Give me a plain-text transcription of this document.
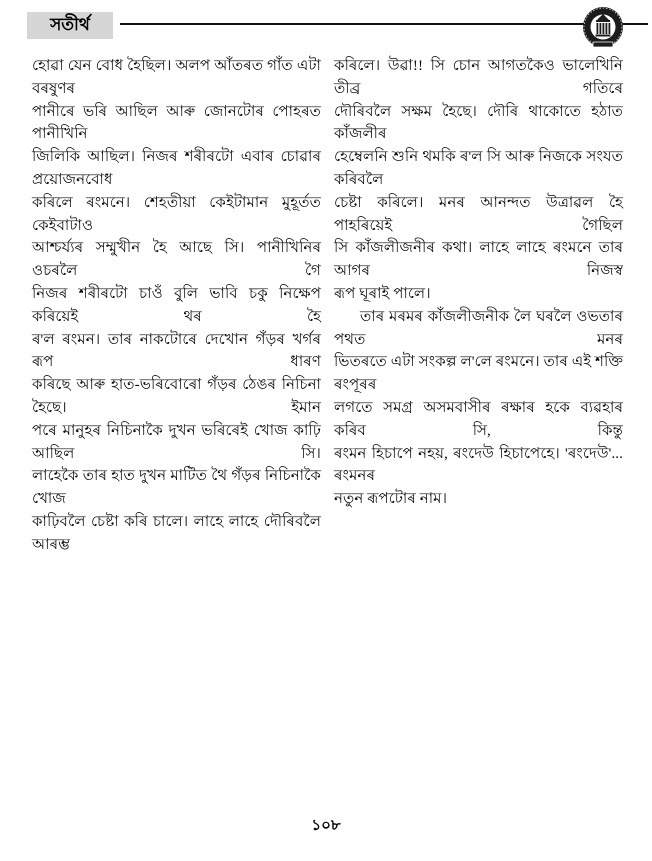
সতীৰ্থ
হোৱা যেন বোধ হৈছিল। অলপ আঁতৰত গাঁত এটা বৰষুণৰ
পানীৰে ভৰি আছিল আৰু জোনটোৰ পোহৰত পানীখিনি
জিলিকি আছিল। নিজৰ শৰীৰটো এবাৰ চোৱাৰ প্ৰয়োজনবোধ
কৰিলে ৰংমনে। শেহতীয়া কেইটামান মুহূৰ্তত কেইবাটাও
আশ্চৰ্য্যৰ সম্মুখীন হৈ আছে সি। পানীখিনিৰ ওচৰলৈ গৈ
নিজৰ শৰীৰটো চাওঁ বুলি ভাবি চকু নিক্ষেপ কৰিয়েই থৰ হৈ
ৰ'ল ৰংমন। তাৰ নাকটোৰে দেখোন গঁড়ৰ খৰ্গৰ ৰূপ ধাৰণ
কৰিছে আৰু হাত-ভৰিবোৰো গঁড়ৰ ঠেঙৰ নিচিনা হৈছে। ইমান
পৰে মানুহৰ নিচিনাকৈ দুখন ভৰিৰেই খোজ কাঢ়ি আছিল সি।
লাহেকৈ তাৰ হাত দুখন মাটিত থৈ গঁড়ৰ নিচিনাকৈ খোজ
কাঢ়িবলৈ চেষ্টা কৰি চালে। লাহে লাহে দৌৰিবলৈ আৰম্ভ
কৰিলে। উৱা!! সি চোন আগতকৈও ভালেখিনি তীব্ৰ গতিৰে
দৌৰিবলৈ সক্ষম হৈছে। দৌৰি থাকোতে হঠাত কাঁজলীৰ
হেম্বেলনি শুনি থমকি ৰ'ল সি আৰু নিজকে সংযত কৰিবলৈ
চেষ্টা কৰিলে। মনৰ আনন্দত উত্ৰাৱল হৈ পাহৰিয়েই গৈছিল
সি কাঁজলীজনীৰ কথা। লাহে লাহে ৰংমনে তাৰ আগৰ নিজস্ব
ৰূপ ঘূৰাই পালে।
তাৰ মৰমৰ কাঁজলীজনীক লৈ ঘৰলৈ ওভতাৰ পথত মনৰ
ভিতৰতে এটা সংকল্প ল'লে ৰংমনে। তাৰ এই শক্তি ৰংপূৰৰ
লগতে সমগ্ৰ অসমবাসীৰ ৰক্ষাৰ হকে ব্যৱহাৰ কৰিব সি, কিন্তু
ৰংমন হিচাপে নহয়, ৰংদেউ হিচাপেহে। 'ৰংদেউ'... ৰংমনৰ
নতুন ৰূপটোৰ নাম।
১০৮
